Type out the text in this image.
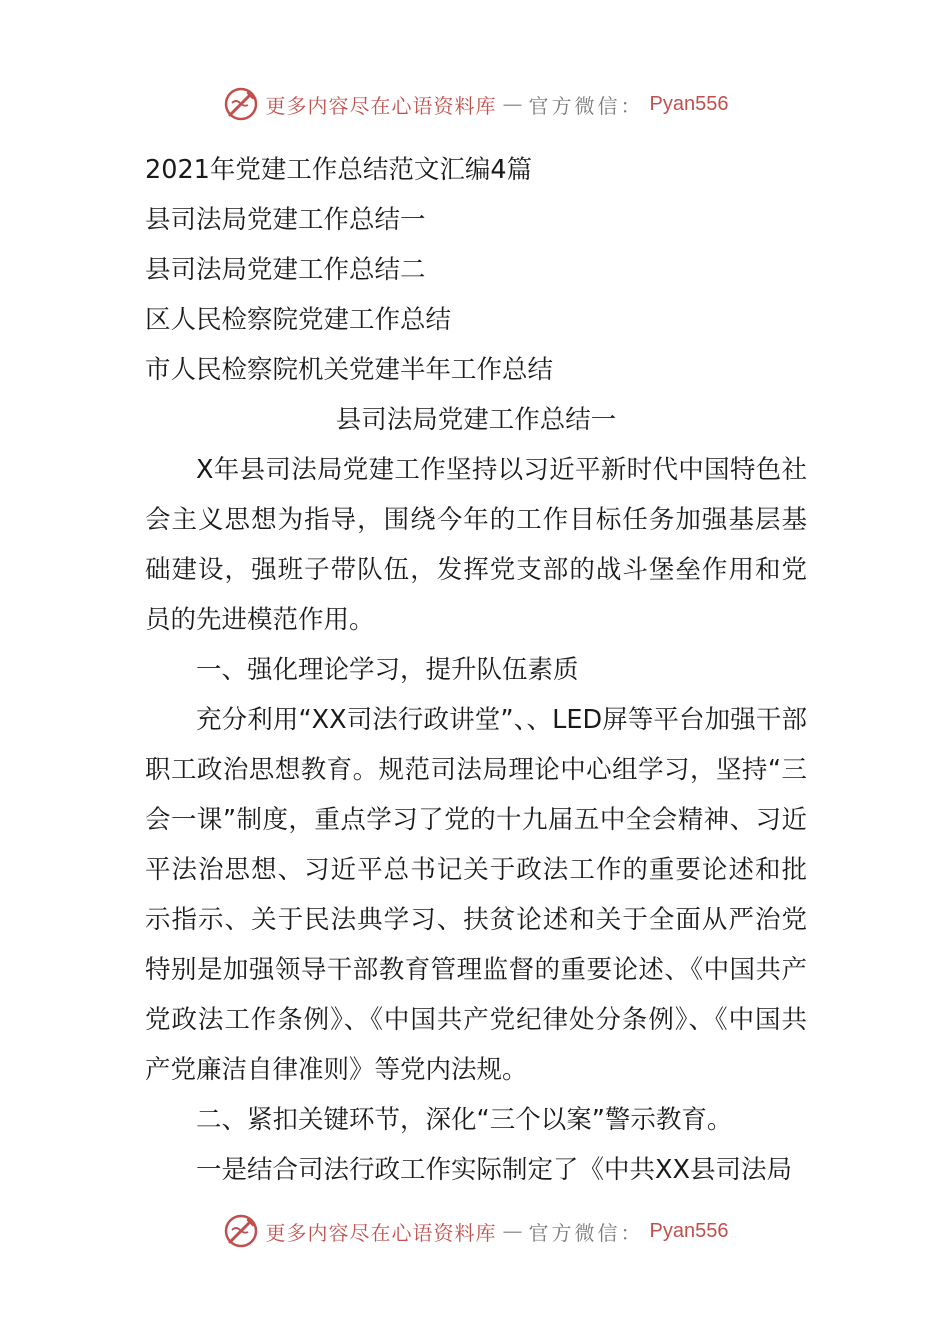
更多内容尽在心语资料库 — 官方微信： Pyan556
2021年党建工作总结范文汇编4篇
县司法局党建工作总结一
县司法局党建工作总结二
区人民检察院党建工作总结
市人民检察院机关党建半年工作总结
县司法局党建工作总结一
X年县司法局党建工作坚持以习近平新时代中国特色社会主义思想为指导，围绕今年的工作目标任务加强基层基础建设，强班子带队伍，发挥党支部的战斗堡垒作用和党员的先进模范作用。
一、强化理论学习，提升队伍素质
充分利用“XX司法行政讲堂”、、LED屏等平台加强干部职工政治思想教育。规范司法局理论中心组学习，坚持“三会一课”制度，重点学习了党的十九届五中全会精神、习近平法治思想、习近平总书记关于政法工作的重要论述和批示指示、关于民法典学习、扶贫论述和关于全面从严治党特别是加强领导干部教育管理监督的重要论述、《中国共产党政法工作条例》、《中国共产党纪律处分条例》、《中国共产党廉洁自律准则》等党内法规。
二、紧扣关键环节，深化“三个以案”警示教育。
一是结合司法行政工作实际制定了《中共XX县司法局
更多内容尽在心语资料库 — 官方微信： Pyan556
